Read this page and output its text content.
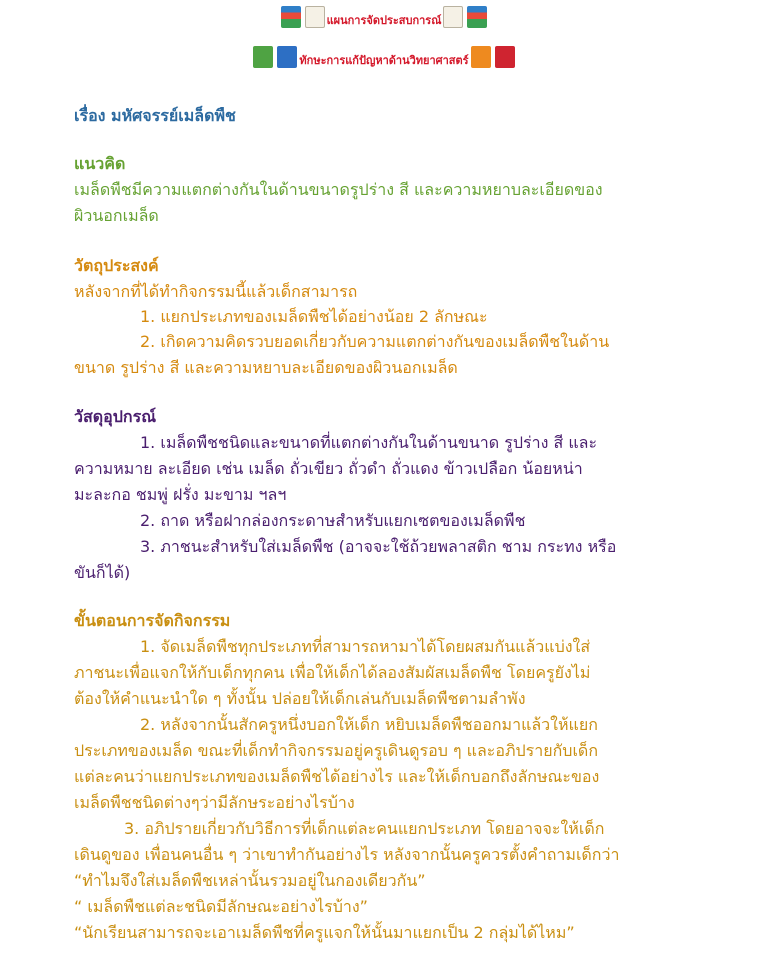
แผนการจัดประสบการณ์
ทักษะการแก้ปัญหาด้านวิทยาศาสตร์
เรื่อง มหัศจรรย์เมล็ดพืช
แนวคิด
เมล็ดพืชมีความแตกต่างกันในด้านขนาดรูปร่าง สี และความหยาบละเอียดของ
ผิวนอกเมล็ด
วัตถุประสงค์
หลังจากที่ได้ทำกิจกรรมนี้แล้วเด็กสามารถ
1. แยกประเภทของเมล็ดพืชได้อย่างน้อย 2 ลักษณะ
2. เกิดความคิดรวบยอดเกี่ยวกับความแตกต่างกันของเมล็ดพืชในด้าน
ขนาด รูปร่าง สี และความหยาบละเอียดของผิวนอกเมล็ด
วัสดุอุปกรณ์
1. เมล็ดพืชชนิดและขนาดที่แตกต่างกันในด้านขนาด รูปร่าง สี และ
ความหมาย ละเอียด เช่น เมล็ด ถั่วเขียว ถั่วดำ ถั่วแดง ข้าวเปลือก น้อยหน่า
มะละกอ ชมพู่ ฝรั่ง มะขาม ฯลฯ
2. ถาด หรือฝากล่องกระดาษสำหรับแยกเซตของเมล็ดพืช
3. ภาชนะสำหรับใส่เมล็ดพืช (อาจจะใช้ถ้วยพลาสติก ชาม กระทง หรือ
ขันก็ได้)
ขั้นตอนการจัดกิจกรรม
1. จัดเมล็ดพืชทุกประเภทที่สามารถหามาได้โดยผสมกันแล้วแบ่งใส่
ภาชนะเพื่อแจกให้กับเด็กทุกคน เพื่อให้เด็กได้ลองสัมผัสเมล็ดพืช โดยครูยังไม่
ต้องให้คำแนะนำใด ๆ ทั้งนั้น ปล่อยให้เด็กเล่นกับเมล็ดพืชตามลำพัง
2. หลังจากนั้นสักครูหนึ่งบอกให้เด็ก หยิบเมล็ดพืชออกมาแล้วให้แยก
ประเภทของเมล็ด ขณะที่เด็กทำกิจกรรมอยู่ครูเดินดูรอบ ๆ และอภิปรายกับเด็ก
แต่ละคนว่าแยกประเภทของเมล็ดพืชได้อย่างไร และให้เด็กบอกถึงลักษณะของ
เมล็ดพืชชนิดต่างๆว่ามีลักษระอย่างไรบ้าง
3. อภิปรายเกี่ยวกับวิธีการที่เด็กแต่ละคนแยกประเภท โดยอาจจะให้เด็ก
เดินดูของ เพื่อนคนอื่น ๆ ว่าเขาทำกันอย่างไร หลังจากนั้นครูควรตั้งคำถามเด็กว่า
“ทำไมจึงใส่เมล็ดพืชเหล่านั้นรวมอยู่ในกองเดียวกัน”
“ เมล็ดพืชแต่ละชนิดมีลักษณะอย่างไรบ้าง”
“นักเรียนสามารถจะเอาเมล็ดพืชที่ครูแจกให้นั้นมาแยกเป็น 2 กลุ่มได้ไหม”
